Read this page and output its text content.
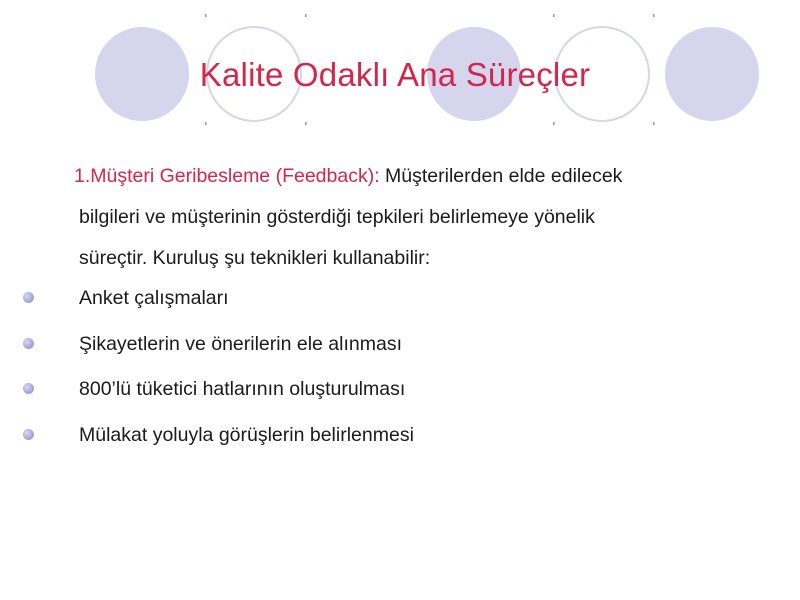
Kalite Odaklı Ana Süreçler
1.Müşteri Geribesleme (Feedback): Müşterilerden elde edilecek
bilgileri ve müşterinin gösterdiği tepkileri belirlemeye yönelik
süreçtir. Kuruluş şu teknikleri kullanabilir:
Anket çalışmaları
Şikayetlerin ve önerilerin ele alınması
800’lü tüketici hatlarının oluşturulması
Mülakat yoluyla görüşlerin belirlenmesi
